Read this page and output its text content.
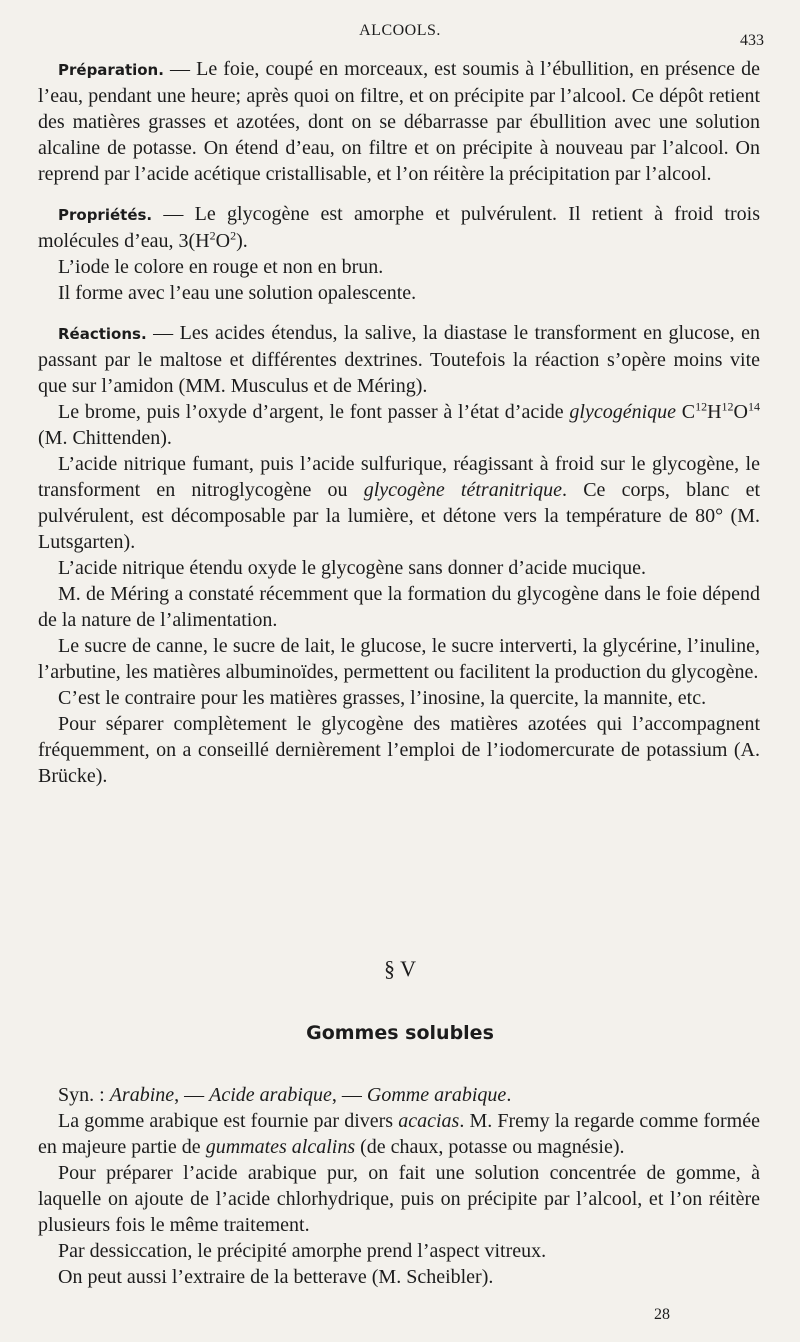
ALCOOLS.
433

Préparation. — Le foie, coupé en morceaux, est soumis à l’ébullition, en présence de l’eau, pendant une heure; après quoi on filtre, et on précipite par l’alcool. Ce dépôt retient des matières grasses et azotées, dont on se débarrasse par ébullition avec une solution alcaline de potasse. On étend d’eau, on filtre et on précipite à nouveau par l’alcool. On reprend par l’acide acétique cristallisable, et l’on réitère la précipitation par l’alcool.

Propriétés. — Le glycogène est amorphe et pulvérulent. Il retient à froid trois molécules d’eau, $3(H^2O^2)$.

L’iode le colore en rouge et non en brun.

Il forme avec l’eau une solution opalescente.

Réactions. — Les acides étendus, la salive, la diastase le transforment en glucose, en passant par le maltose et différentes dextrines. Toutefois la réaction s’opère moins vite que sur l’amidon (MM. Musculus et de Méring).

Le brome, puis l’oxyde d’argent, le font passer à l’état d’acide glycogénique $C^{12}H^{12}O^{14}$ (M. Chittenden).

L’acide nitrique fumant, puis l’acide sulfurique, réagissant à froid sur le glycogène, le transforment en nitroglycogène ou glycogène tétranitrique. Ce corps, blanc et pulvérulent, est décomposable par la lumière, et détone vers la température de 80° (M. Lutsgarten).

L’acide nitrique étendu oxyde le glycogène sans donner d’acide mucique.

M. de Méring a constaté récemment que la formation du glycogène dans le foie dépend de la nature de l’alimentation.

Le sucre de canne, le sucre de lait, le glucose, le sucre interverti, la glycérine, l’inuline, l’arbutine, les matières albuminoïdes, permettent ou facilitent la production du glycogène.

C’est le contraire pour les matières grasses, l’inosine, la quercite, la mannite, etc.

Pour séparer complètement le glycogène des matières azotées qui l’accompagnent fréquemment, on a conseillé dernièrement l’emploi de l’iodomercurate de potassium (A. Brücke).

§ V
Gommes solubles

Syn. : Arabine, — Acide arabique, — Gomme arabique.

La gomme arabique est fournie par divers acacias. M. Fremy la regarde comme formée en majeure partie de gummates alcalins (de chaux, potasse ou magnésie).

Pour préparer l’acide arabique pur, on fait une solution concentrée de gomme, à laquelle on ajoute de l’acide chlorhydrique, puis on précipite par l’alcool, et l’on réitère plusieurs fois le même traitement.

Par dessiccation, le précipité amorphe prend l’aspect vitreux.

On peut aussi l’extraire de la betterave (M. Scheibler).

28
